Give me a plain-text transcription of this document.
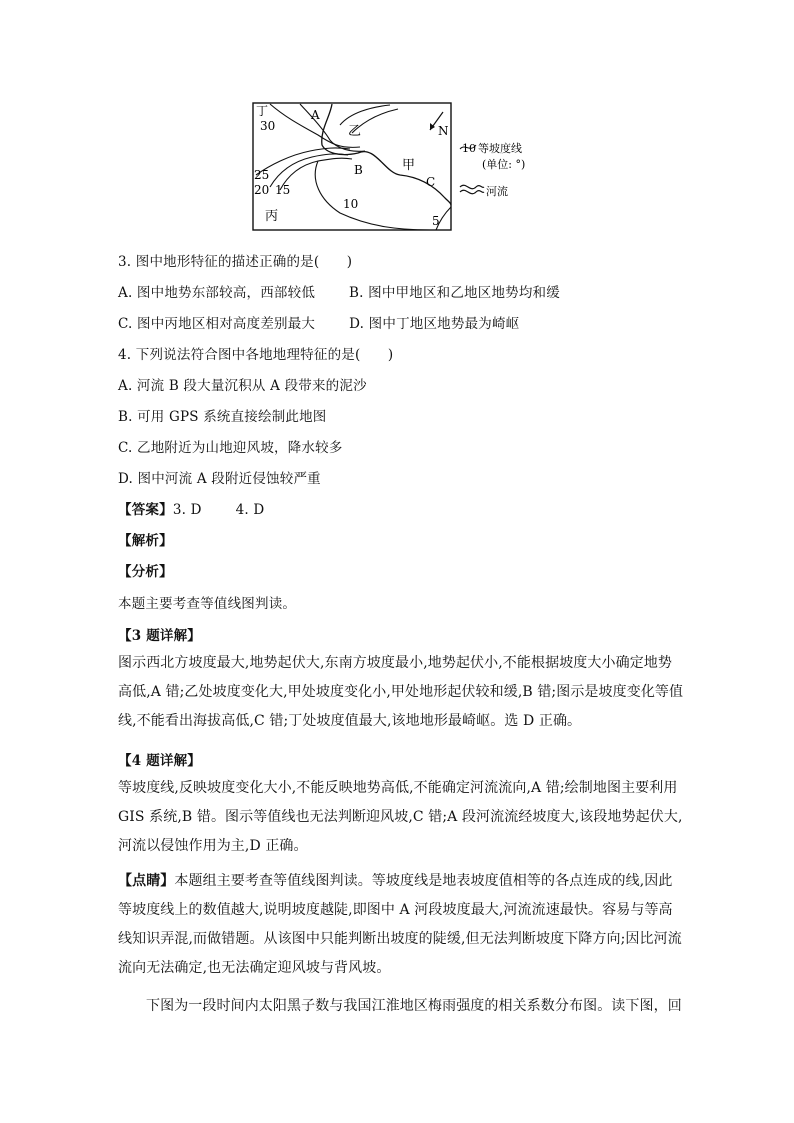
丁
30
A
乙	N
甲
B
C
25
20 15
10
5
丙
10 等坡度线
(单位: °)
河流
3. 图中地形特征的描述正确的是(　　)
A. 图中地势东部较高，西部较低	B. 图中甲地区和乙地区地势均和缓
C. 图中丙地区相对高度差别最大	D. 图中丁地区地势最为崎岖
4. 下列说法符合图中各地地理特征的是(　　)
A. 河流 B 段大量沉积从 A 段带来的泥沙
B. 可用 GPS 系统直接绘制此地图
C. 乙地附近为山地迎风坡，降水较多
D. 图中河流 A 段附近侵蚀较严重
【答案】3. D	4. D
【解析】
【分析】
本题主要考查等值线图判读。
【3 题详解】
图示西北方坡度最大,地势起伏大,东南方坡度最小,地势起伏小,不能根据坡度大小确定地势高低,A 错;乙处坡度变化大,甲处坡度变化小,甲处地形起伏较和缓,B 错;图示是坡度变化等值线,不能看出海拔高低,C 错;丁处坡度值最大,该地地形最崎岖。选 D 正确。
【4 题详解】
等坡度线,反映坡度变化大小,不能反映地势高低,不能确定河流流向,A 错;绘制地图主要利用 GIS 系统,B 错。图示等值线也无法判断迎风坡,C 错;A 段河流流经坡度大,该段地势起伏大,河流以侵蚀作用为主,D 正确。
【点睛】本题组主要考查等值线图判读。等坡度线是地表坡度值相等的各点连成的线,因此等坡度线上的数值越大,说明坡度越陡,即图中 A 河段坡度最大,河流流速最快。容易与等高线知识弄混,而做错题。从该图中只能判断出坡度的陡缓,但无法判断坡度下降方向;因比河流流向无法确定,也无法确定迎风坡与背风坡。
下图为一段时间内太阳黑子数与我国江淮地区梅雨强度的相关系数分布图。读下图，回
